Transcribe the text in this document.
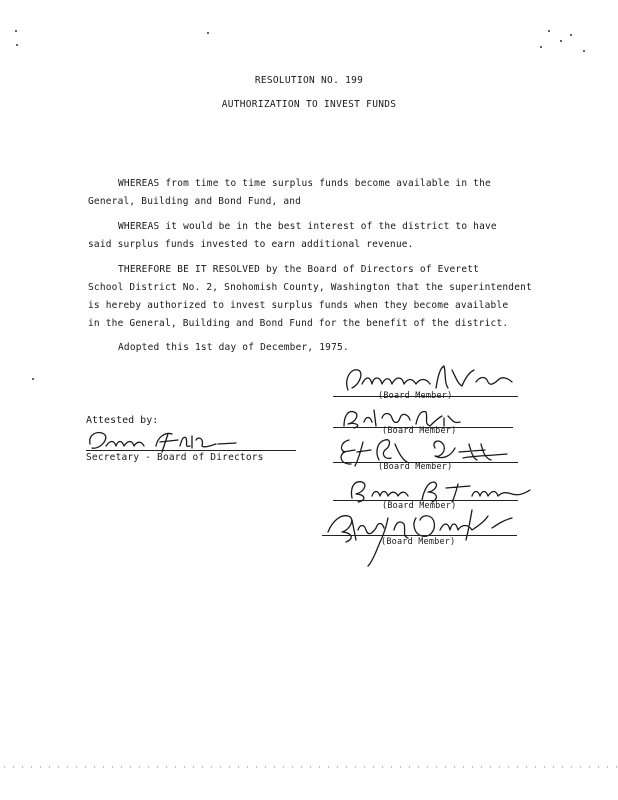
RESOLUTION NO. 199
AUTHORIZATION TO INVEST FUNDS

WHEREAS from time to time surplus funds become available in the
General, Building and Bond Fund, and

WHEREAS it would be in the best interest of the district to have
said surplus funds invested to earn additional revenue.

THEREFORE BE IT RESOLVED by the Board of Directors of Everett
School District No. 2, Snohomish County, Washington that the superintendent
is hereby authorized to invest surplus funds when they become available
in the General, Building and Bond Fund for the benefit of the district.

Adopted this 1st day of December, 1975.
Attested by:
Secretary - Board of Directors
(Board Member)
(Board Member)
(Board Member)
(Board Member)
(Board Member)
